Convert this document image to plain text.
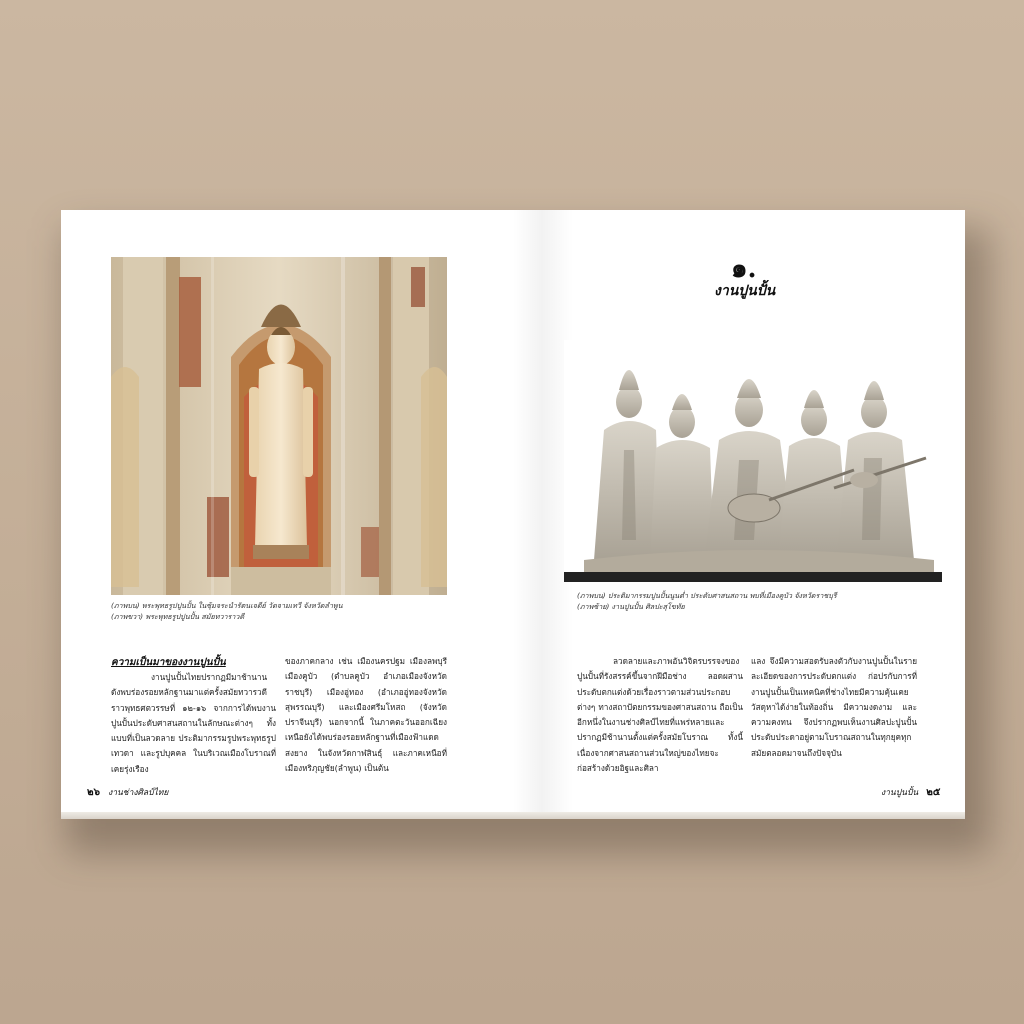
(ภาพบน) พระพุทธรูปปูนปั้น ในซุ้มจระนำรัตนเจดีย์ วัดจามเทวี จังหวัดลำพูน
(ภาพขวา) พระพุทธรูปปูนปั้น สมัยทวาราวดี
ความเป็นมาของงานปูนปั้น

งานปูนปั้นไทยปรากฏมีมาช้านาน ดังพบร่องรอยหลักฐานมาแต่ครั้งสมัยทวารวดี ราวพุทธศตวรรษที่ ๑๒-๑๖ จากการได้พบงานปูนปั้นประดับศาสนสถานในลักษณะต่างๆ ทั้งแบบที่เป็นลวดลาย ประติมากรรมรูปพระพุทธรูป เทวดา และรูปบุคคล ในบริเวณเมืองโบราณที่เคยรุ่งเรือง

ของภาคกลาง เช่น เมืองนครปฐม เมืองลพบุรี เมืองคูบัว (ตำบลคูบัว อำเภอเมืองจังหวัดราชบุรี) เมืองอู่ทอง (อำเภออู่ทองจังหวัดสุพรรณบุรี) และเมืองศรีมโหสถ (จังหวัดปราจีนบุรี) นอกจากนี้ ในภาคตะวันออกเฉียงเหนือยังได้พบร่องรอยหลักฐานที่เมืองฟ้าแดดสงยาง ในจังหวัดกาฬสินธุ์ และภาคเหนือที่เมืองหริภุญชัย(ลำพูน) เป็นต้น

๒๖ งานช่างศิลป์ไทย
๑.
งานปูนปั้น
(ภาพบน) ประติมากรรมปูนปั้นนูนต่ำ ประดับศาสนสถาน พบที่เมืองคูบัว จังหวัดราชบุรี
(ภาพซ้าย) งานปูนปั้น ศิลปะสุโขทัย

ลวดลายและภาพอันวิจิตรบรรจงของปูนปั้นที่รังสรรค์ขึ้นจากฝีมือช่าง ลอดผสานประดับตกแต่งด้วยเรื่องราวตามส่วนประกอบต่างๆ ทางสถาปัตยกรรมของศาสนสถาน ถือเป็นอีกหนึ่งในงานช่างศิลป์ไทยที่แพร่หลายและปรากฏมีช้านานตั้งแต่ครั้งสมัยโบราณ ทั้งนี้เนื่องจากศาสนสถานส่วนใหญ่ของไทยจะก่อสร้างด้วยอิฐและศิลา

แลง จึงมีความสอดรับลงตัวกับงานปูนปั้นในรายละเอียดของการประดับตกแต่ง ก่อปรกับการที่งานปูนปั้นเป็นเทคนิคที่ช่างไทยมีความคุ้นเคย วัสดุหาได้ง่ายในท้องถิ่น มีความงดงาม และความคงทน จึงปรากฏพบเห็นงานศิลปะปูนปั้นประดับประดาอยู่ตามโบราณสถานในทุกยุคทุกสมัยตลอดมาจนถึงปัจจุบัน

งานปูนปั้น ๒๕
